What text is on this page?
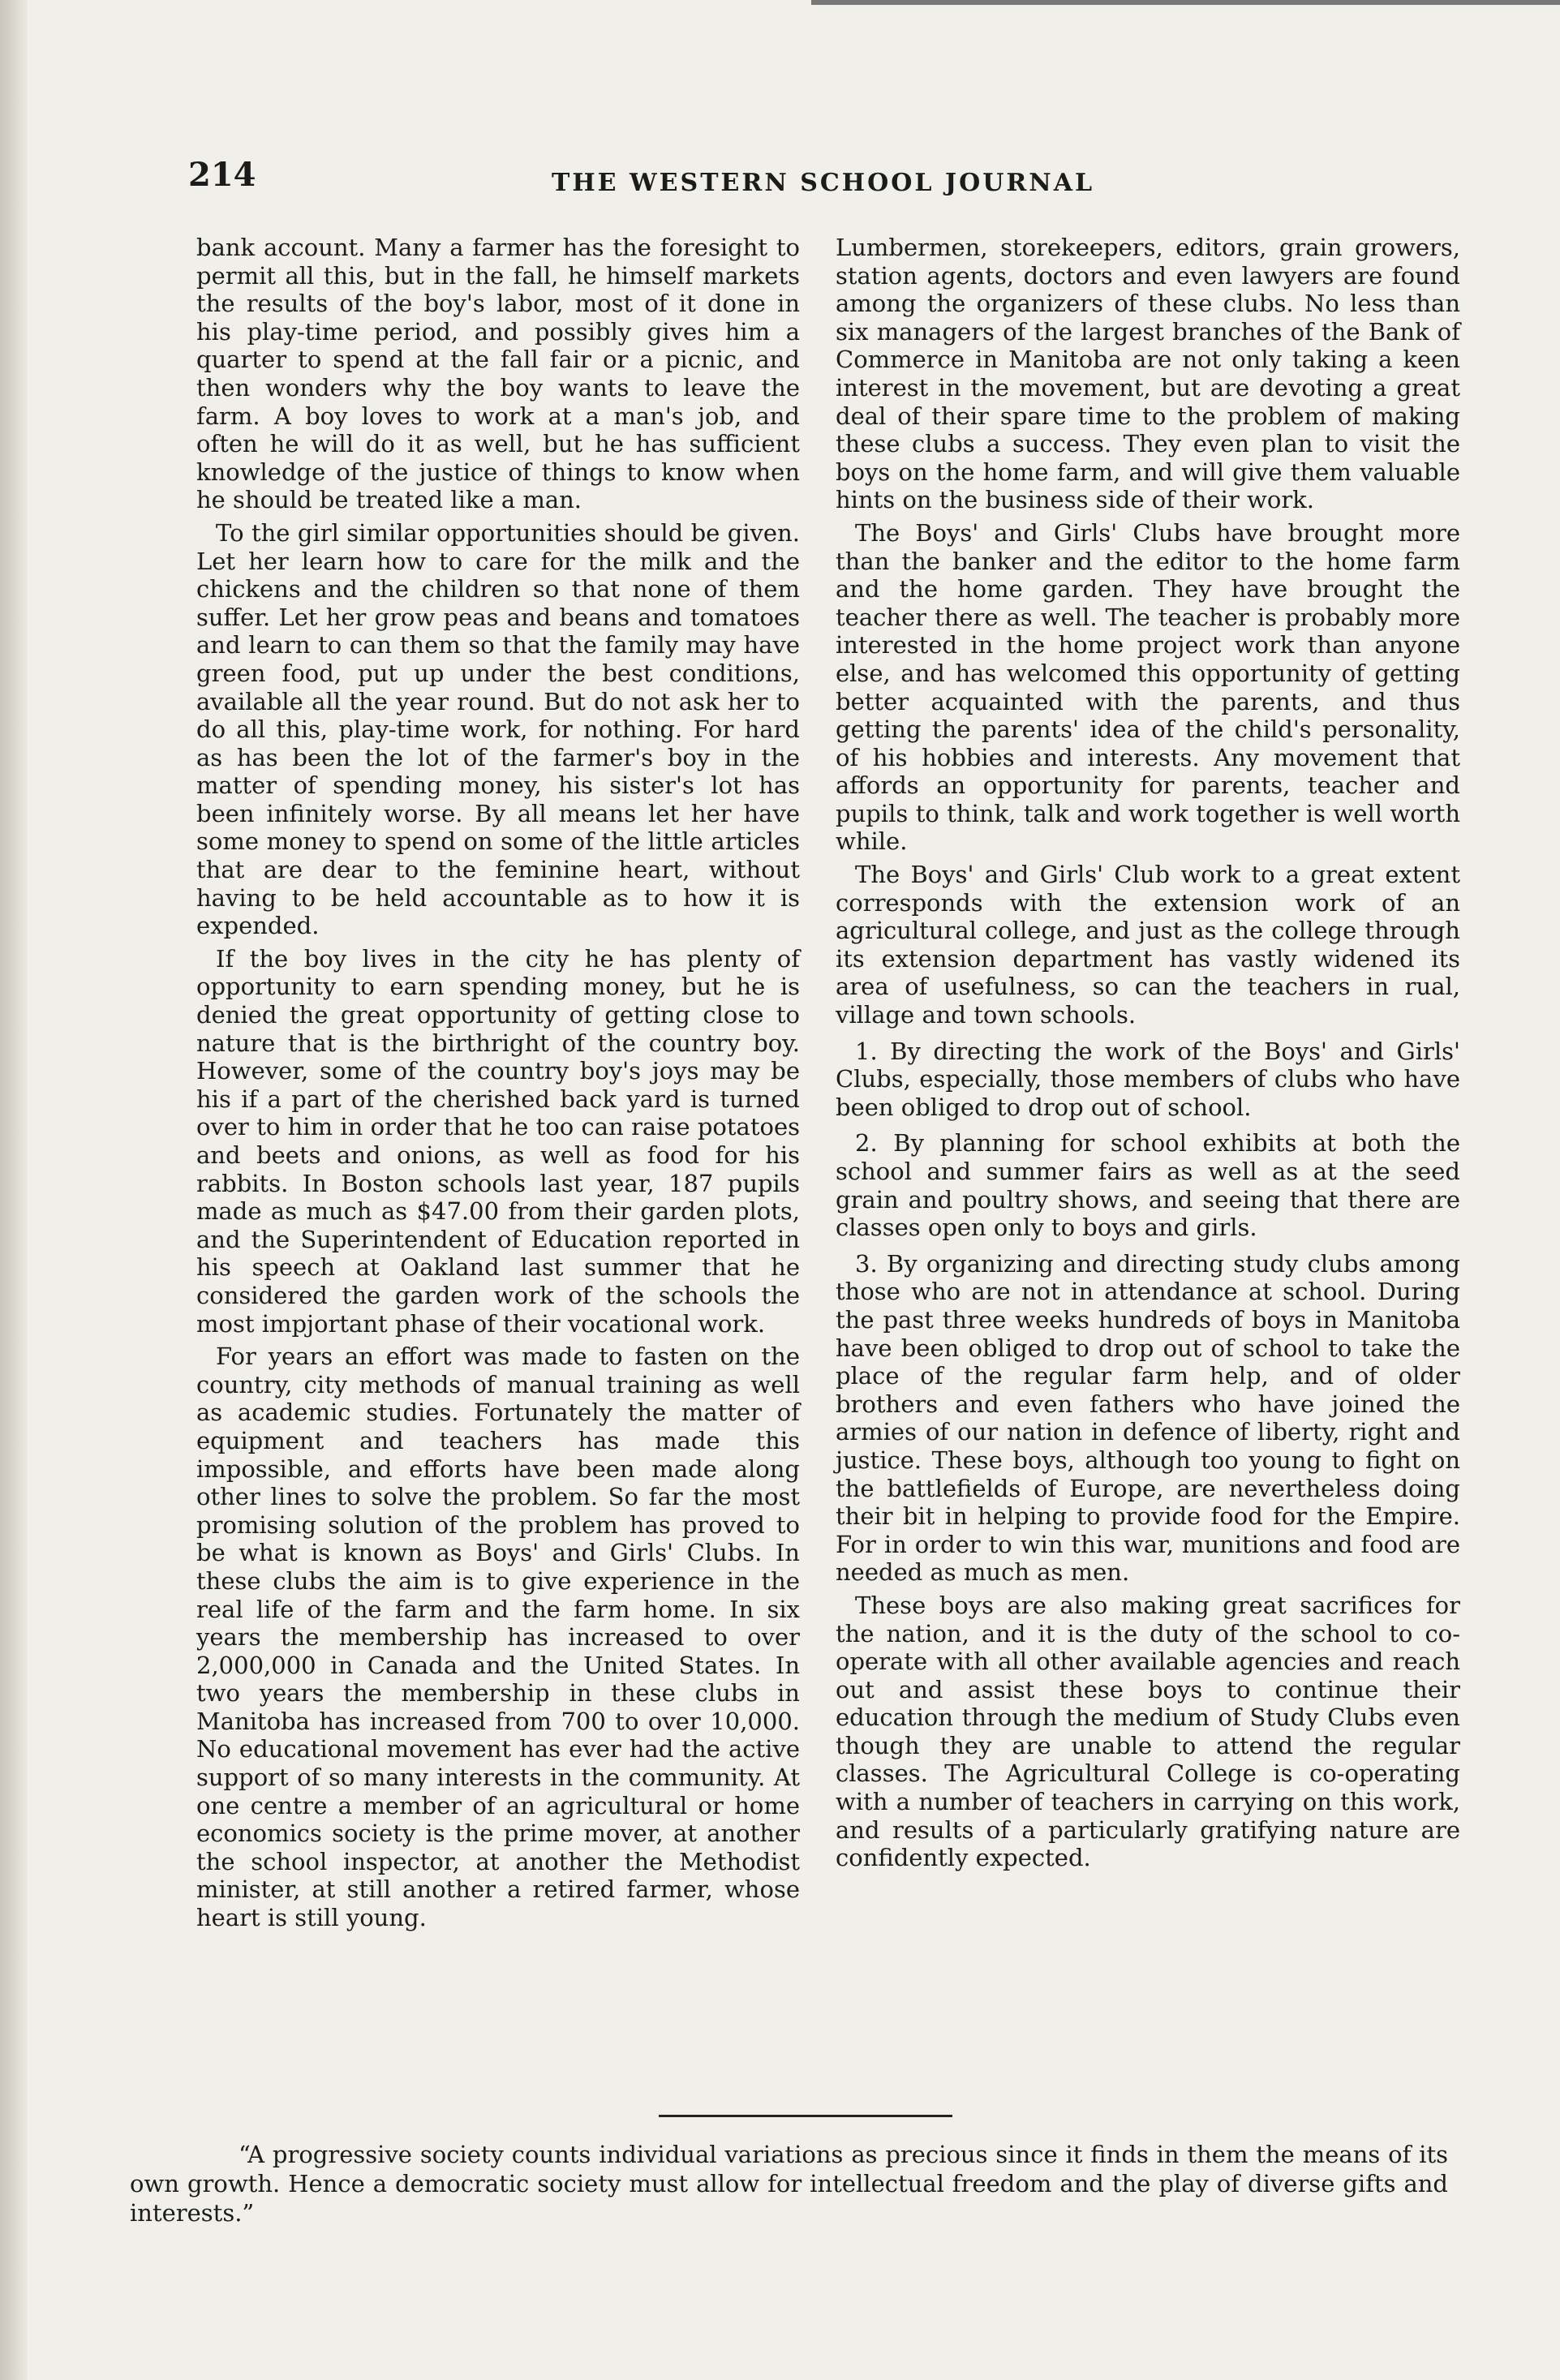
214	THE WESTERN SCHOOL JOURNAL

bank account. Many a farmer has the foresight to permit all this, but in the fall, he himself markets the results of the boy's labor, most of it done in his play-time period, and possibly gives him a quarter to spend at the fall fair or a picnic, and then wonders why the boy wants to leave the farm. A boy loves to work at a man's job, and often he will do it as well, but he has sufficient knowledge of the justice of things to know when he should be treated like a man.

To the girl similar opportunities should be given. Let her learn how to care for the milk and the chickens and the children so that none of them suffer. Let her grow peas and beans and tomatoes and learn to can them so that the family may have green food, put up under the best conditions, available all the year round. But do not ask her to do all this, play-time work, for nothing. For hard as has been the lot of the farmer's boy in the matter of spending money, his sister's lot has been infinitely worse. By all means let her have some money to spend on some of the little articles that are dear to the feminine heart, without having to be held accountable as to how it is expended.

If the boy lives in the city he has plenty of opportunity to earn spending money, but he is denied the great opportunity of getting close to nature that is the birthright of the country boy. However, some of the country boy's joys may be his if a part of the cherished back yard is turned over to him in order that he too can raise potatoes and beets and onions, as well as food for his rabbits. In Boston schools last year, 187 pupils made as much as $47.00 from their garden plots, and the Superintendent of Education reported in his speech at Oakland last summer that he considered the garden work of the schools the most impjortant phase of their vocational work.

For years an effort was made to fasten on the country, city methods of manual training as well as academic studies. Fortunately the matter of equipment and teachers has made this impossible, and efforts have been made along other lines to solve the problem. So far the most promising solution of the problem has proved to be what is known as Boys' and Girls' Clubs. In these clubs the aim is to give experience in the real life of the farm and the farm home. In six years the membership has increased to over 2,000,000 in Canada and the United States. In two years the membership in these clubs in Manitoba has increased from 700 to over 10,000. No educational movement has ever had the active support of so many interests in the community. At one centre a member of an agricultural or home economics society is the prime mover, at another the school inspector, at another the Methodist minister, at still another a retired farmer, whose heart is still young.

Lumbermen, storekeepers, editors, grain growers, station agents, doctors and even lawyers are found among the organizers of these clubs. No less than six managers of the largest branches of the Bank of Commerce in Manitoba are not only taking a keen interest in the movement, but are devoting a great deal of their spare time to the problem of making these clubs a success. They even plan to visit the boys on the home farm, and will give them valuable hints on the business side of their work.

The Boys' and Girls' Clubs have brought more than the banker and the editor to the home farm and the home garden. They have brought the teacher there as well. The teacher is probably more interested in the home project work than anyone else, and has welcomed this opportunity of getting better acquainted with the parents, and thus getting the parents' idea of the child's personality, of his hobbies and interests. Any movement that affords an opportunity for parents, teacher and pupils to think, talk and work together is well worth while.

The Boys' and Girls' Club work to a great extent corresponds with the extension work of an agricultural college, and just as the college through its extension department has vastly widened its area of usefulness, so can the teachers in rual, village and town schools.

1. By directing the work of the Boys' and Girls' Clubs, especially, those members of clubs who have been obliged to drop out of school.

2. By planning for school exhibits at both the school and summer fairs as well as at the seed grain and poultry shows, and seeing that there are classes open only to boys and girls.

3. By organizing and directing study clubs among those who are not in attendance at school. During the past three weeks hundreds of boys in Manitoba have been obliged to drop out of school to take the place of the regular farm help, and of older brothers and even fathers who have joined the armies of our nation in defence of liberty, right and justice. These boys, although too young to fight on the battlefields of Europe, are nevertheless doing their bit in helping to provide food for the Empire. For in order to win this war, munitions and food are needed as much as men.

These boys are also making great sacrifices for the nation, and it is the duty of the school to co-operate with all other available agencies and reach out and assist these boys to continue their education through the medium of Study Clubs even though they are unable to attend the regular classes. The Agricultural College is co-operating with a number of teachers in carrying on this work, and results of a particularly gratifying nature are confidently expected.

“A progressive society counts individual variations as precious since it finds in them the means of its own growth. Hence a democratic society must allow for intellectual freedom and the play of diverse gifts and interests.”
